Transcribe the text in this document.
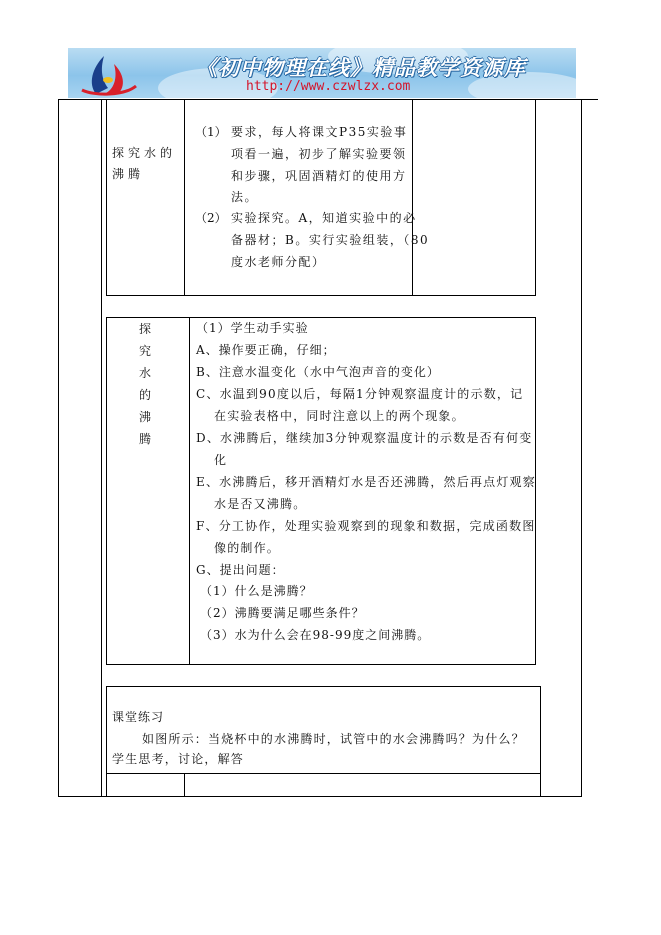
《初中物理在线》精品教学资源库
http://www.czwlzx.com
探究水的
沸腾
（1） 要求，每人将课文P35实验事
项看一遍，初步了解实验要领
和步骤，巩固酒精灯的使用方
法。
（2） 实验探究。A，知道实验中的必
备器材；B。实行实验组装，（80
度水老师分配）
探
究
水
的
沸
腾
（1）学生动手实验
A、操作要正确，仔细；
B、注意水温变化（水中气泡声音的变化）
C、水温到90度以后，每隔1分钟观察温度计的示数，记
在实验表格中，同时注意以上的两个现象。
D、水沸腾后，继续加3分钟观察温度计的示数是否有何变
化
E、水沸腾后，移开酒精灯水是否还沸腾，然后再点灯观察
水是否又沸腾。
F、分工协作，处理实验观察到的现象和数据，完成函数图
像的制作。
G、提出问题：
（1）什么是沸腾？
（2）沸腾要满足哪些条件？
（3）水为什么会在98-99度之间沸腾。
课堂练习
如图所示：当烧杯中的水沸腾时，试管中的水会沸腾吗？为什么？
学生思考，讨论，解答
